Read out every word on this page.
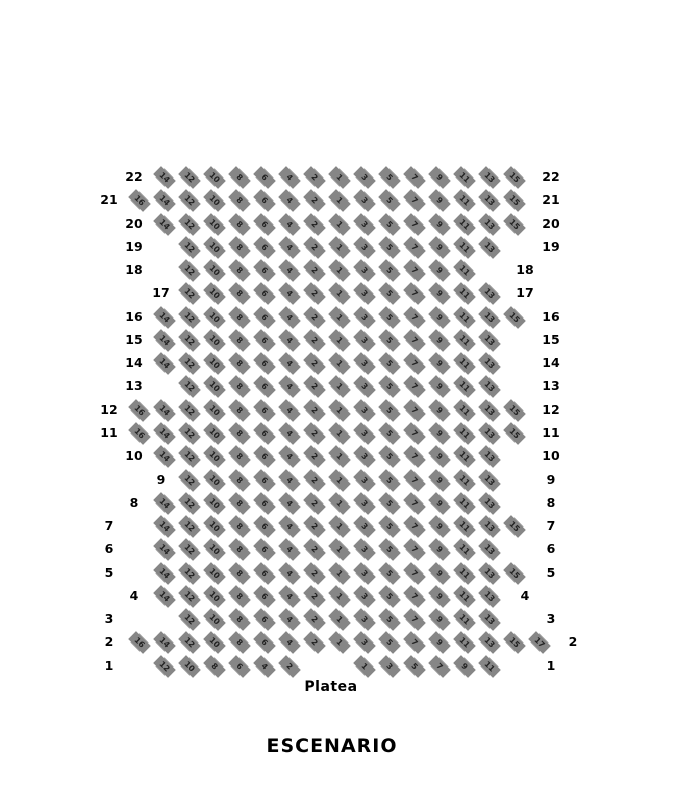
22	22
14 12 10 8 6 4 2 1 3 5 7 9 11 13 15
21	21
16 14 12 10 8 6 4 2 1 3 5 7 9 11 13 15
20	20
14 12 10 8 6 4 2 1 3 5 7 9 11 13 15
19	19
12 10 8 6 4 2 1 3 5 7 9 11 13
18	18
12 10 8 6 4 2 1 3 5 7 9 11
17	17
12 10 8 6 4 2 1 3 5 7 9 11 13
16	16
14 12 10 8 6 4 2 1 3 5 7 9 11 13 15
15	15
14 12 10 8 6 4 2 1 3 5 7 9 11 13
14	14
14 12 10 8 6 4 2 1 3 5 7 9 11 13
13	13
12 10 8 6 4 2 1 3 5 7 9 11 13
12	12
16 14 12 10 8 6 4 2 1 3 5 7 9 11 13 15
11	11
16 14 12 10 8 6 4 2 1 3 5 7 9 11 13 15
10	10
14 12 10 8 6 4 2 1 3 5 7 9 11 13
9	9
12 10 8 6 4 2 1 3 5 7 9 11 13
8	8
14 12 10 8 6 4 2 1 3 5 7 9 11 13
7	7
14 12 10 8 6 4 2 1 3 5 7 9 11 13 15
6	6
14 12 10 8 6 4 2 1 3 5 7 9 11 13
5	5
14 12 10 8 6 4 2 1 3 5 7 9 11 13 15
4	4
14 12 10 8 6 4 2 1 3 5 7 9 11 13
3	3
12 10 8 6 4 2 1 3 5 7 9 11 13
2	2
16 14 12 10 8 6 4 2 1 3 5 7 9 11 13 15 17
1	1
12 10 8 6 4 2	1 3 5 7 9 11
Platea
ESCENARIO
